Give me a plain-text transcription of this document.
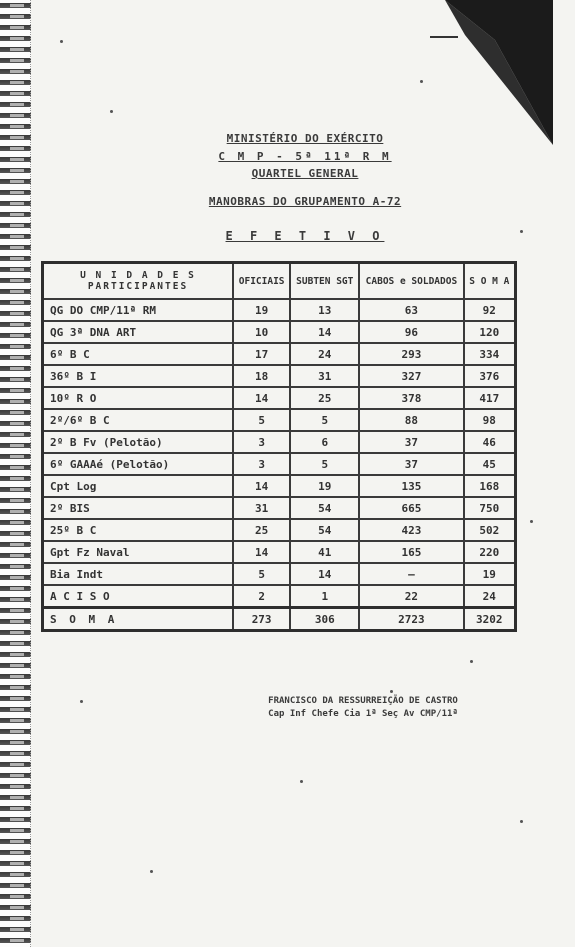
MINISTÉRIO DO EXÉRCITO
C M P - 5ª 11ª R M
QUARTEL GENERAL
MANOBRAS DO GRUPAMENTO A-72
E F E T I V O
U N I D A D E S PARTICIPANTES	OFICIAIS	SUBTEN SGT	CABOS e SOLDADOS	S O M A
QG DO CMP/11ª RM	19	13	63	92
QG 3ª DNA ART	10	14	96	120
6º B C	17	24	293	334
36º B I	18	31	327	376
10º R O	14	25	378	417
2º/6º B C	5	5	88	98
2º B Fv (Pelotão)	3	6	37	46
6º GAAAé (Pelotão)	3	5	37	45
Cpt Log	14	19	135	168
2º BIS	31	54	665	750
25º B C	25	54	423	502
Gpt Fz Naval	14	41	165	220
Bia Indt	5	14	—	19
A C I S O	2	1	22	24
S O M A	273	306	2723	3202
FRANCISCO DA RESSURREIÇÃO DE CASTRO
Cap Inf Chefe Cia 1ª Seç Av CMP/11ª
